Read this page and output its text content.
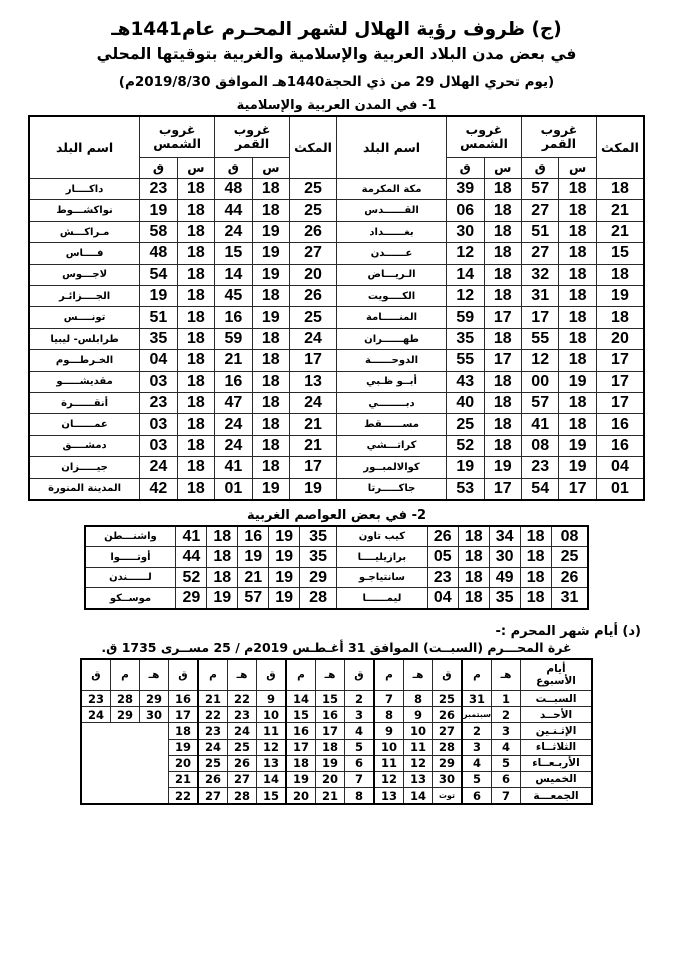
(ج) ظروف رؤية الهلال لشهر المحـرم عام1441هـ
في بعض مدن البلاد العربية والإسلامية والغربية بتوقيتها المحلي
(يوم تحري الهلال 29 من ذي الحجة1440هـ الموافق 2019/8/30م)
1- في المدن العربية والإسلامية
المكث	غروب القمر		غروب الشمس		اسم البلد	المكث	غروب القمر		غروب الشمس		اسم البلد
	س	ق	س	ق			س	ق	س	ق	
18	18	57	18	39	مكة المكرمة	25	18	48	18	23	داكــــار
21	18	27	18	06	القــــــدس	25	18	44	18	19	نواكشـــوط
21	18	51	18	30	بغــــــداد	26	19	24	18	58	مـراكـــش
15	18	27	18	12	عــــــدن	27	19	15	18	48	فــــاس
18	18	32	18	14	الـريـــاض	20	19	14	18	54	لاجـــوس
19	18	31	18	12	الكــــويت	26	18	45	18	19	الجــــزائـر
18	18	17	17	59	المنـــــامة	25	19	16	18	51	تونــــس
20	18	55	18	35	طهــــــران	24	18	59	18	35	طرابلس- ليبيا
17	18	12	17	55	الدوحــــــة	17	18	21	18	04	الخـرطـــوم
17	19	00	18	43	أبــو ظـبي	13	18	16	18	03	مقديشـــــو
17	18	57	18	40	دبــــــــي	24	18	47	18	23	أنقــــــرة
16	18	41	18	25	مســــــقط	21	18	24	18	03	عمــــــان
16	19	08	18	52	كراتـــشي	21	18	24	18	03	دمشــــق
04	19	23	19	19	كوالالمبــور	17	18	41	18	24	جيـــــزان
01	17	54	17	53	جاكـــــرتا	19	19	01	18	42	المدينة المنورة
2- في بعض العواصم الغربية
08	18	34	18	26	كيب تاون	35	19	16	18	41	واشنـــطن
25	18	30	18	05	برازيليــــا	35	19	19	18	44	أوتـــــوا
26	18	49	18	23	سانتياجـو	29	19	21	18	52	لــــــندن
31	18	35	18	04	ليمــــــا	28	19	57	19	29	موســكو
(د) أيام شهر المحرم :-
غرة المحـــرم (السبــت) الموافق 31 أغـطـس 2019م / 25 مســرى 1735 ق.
أيام
الأسبوع	هـ	م	ق	هـ	م	ق	هـ	م	ق	هـ	م	ق	هـ	م	ق
السبــت	1	31	25	8	7	2	15	14	9	22	21	16	29	28	23
الأحــد	2	سبتمبر	26	9	8	3	16	15	10	23	22	17	30	29	24
الإثـنـين	3	2	27	10	9	4	17	16	11	24	23	18			
الثلاثــاء	4	3	28	11	10	5	18	17	12	25	24	19			
الأربـعــاء	5	4	29	12	11	6	19	18	13	26	25	20			
الخميس	6	5	30	13	12	7	20	19	14	27	26	21			
الجمعـــة	7	6	توت	14	13	8	21	20	15	28	27	22			
